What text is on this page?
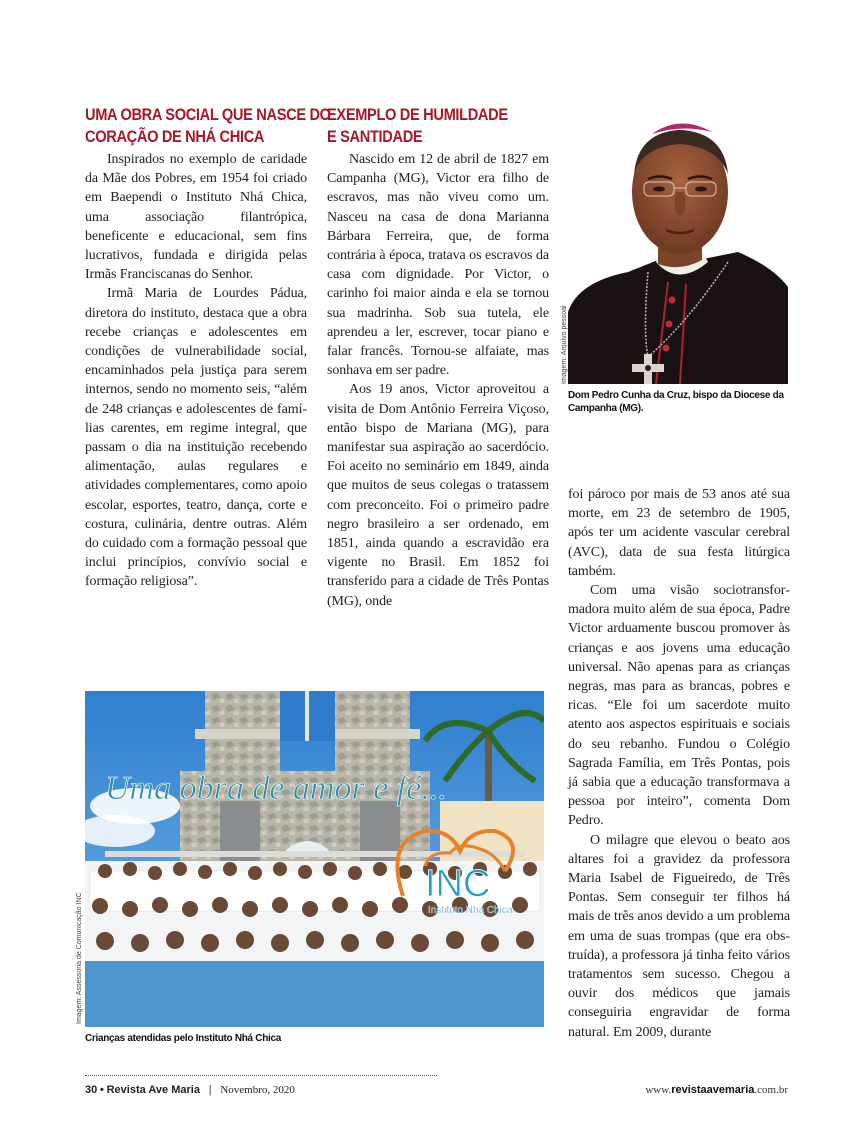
UMA OBRA SOCIAL QUE NASCE DO
CORAÇÃO DE NHÁ CHICA

Inspirados no exemplo de caridade da Mãe dos Pobres, em 1954 foi criado em Baependi o Instituto Nhá Chica, uma associação filantrópica, beneficente e educacional, sem fins lucrativos, fundada e dirigida pelas Irmãs Franciscanas do Senhor.

Irmã Maria de Lourdes Pádua, diretora do instituto, destaca que a obra recebe crianças e adolescentes em condições de vulnerabilidade social, encaminhados pela justiça para serem internos, sendo no momento seis, “além de 248 crianças e adolescentes de famílias carentes, em regime integral, que passam o dia na instituição recebendo alimentação, aulas regulares e atividades complementares, como apoio escolar, esportes, teatro, dança, corte e costura, culinária, dentre outras. Além do cuidado com a formação pessoal que inclui princípios, convívio social e formação religiosa”.

EXEMPLO DE HUMILDADE
E SANTIDADE

Nascido em 12 de abril de 1827 em Campanha (MG), Victor era filho de escravos, mas não viveu como um. Nasceu na casa de dona Marianna Bárbara Ferreira, que, de forma contrária à época, tratava os escravos da casa com dignidade. Por Victor, o carinho foi maior ainda e ela se tornou sua madrinha. Sob sua tutela, ele aprendeu a ler, escrever, tocar piano e falar francês. Tornou-se alfaiate, mas sonhava em ser padre.

Aos 19 anos, Victor aproveitou a visita de Dom Antônio Ferreira Viçoso, então bispo de Mariana (MG), para manifestar sua aspiração ao sacerdócio. Foi aceito no seminário em 1849, ainda que muitos de seus colegas o tratassem com preconceito. Foi o primeiro padre negro brasileiro a ser ordenado, em 1851, ainda quando a escravidão era vigente no Brasil. Em 1852 foi transferido para a cidade de Três Pontas (MG), onde

Imagem: Arquivo pessoal
Dom Pedro Cunha da Cruz, bispo da Diocese da Campanha (MG).

foi pároco por mais de 53 anos até sua morte, em 23 de setembro de 1905, após ter um acidente vascular cerebral (AVC), data de sua festa litúrgica também.

Com uma visão sociotransformadora muito além de sua época, Padre Victor arduamente buscou promover às crianças e aos jovens uma educação universal. Não apenas para as crianças negras, mas para as brancas, pobres e ricas. “Ele foi um sacerdote muito atento aos aspectos espirituais e sociais do seu rebanho. Fundou o Colégio Sagrada Família, em Três Pontas, pois já sabia que a educação transformava a pessoa por inteiro”, comenta Dom Pedro.

O milagre que elevou o beato aos altares foi a gravidez da professora Maria Isabel de Figueiredo, de Três Pontas. Sem conseguir ter filhos há mais de três anos devido a um problema em uma de suas trompas (que era obstruída), a professora já tinha feito vários tratamentos sem sucesso. Chegou a ouvir dos médicos que jamais conseguiria engravidar de forma natural. Em 2009, durante

Uma obra de amor e fé...
INC
Instituto Nhá Chica
Imagem: Assessoria de Comunicação INC
Crianças atendidas pelo Instituto Nhá Chica
30 • Revista Ave Maria | Novembro, 2020	www.revistaavemaria.com.br
